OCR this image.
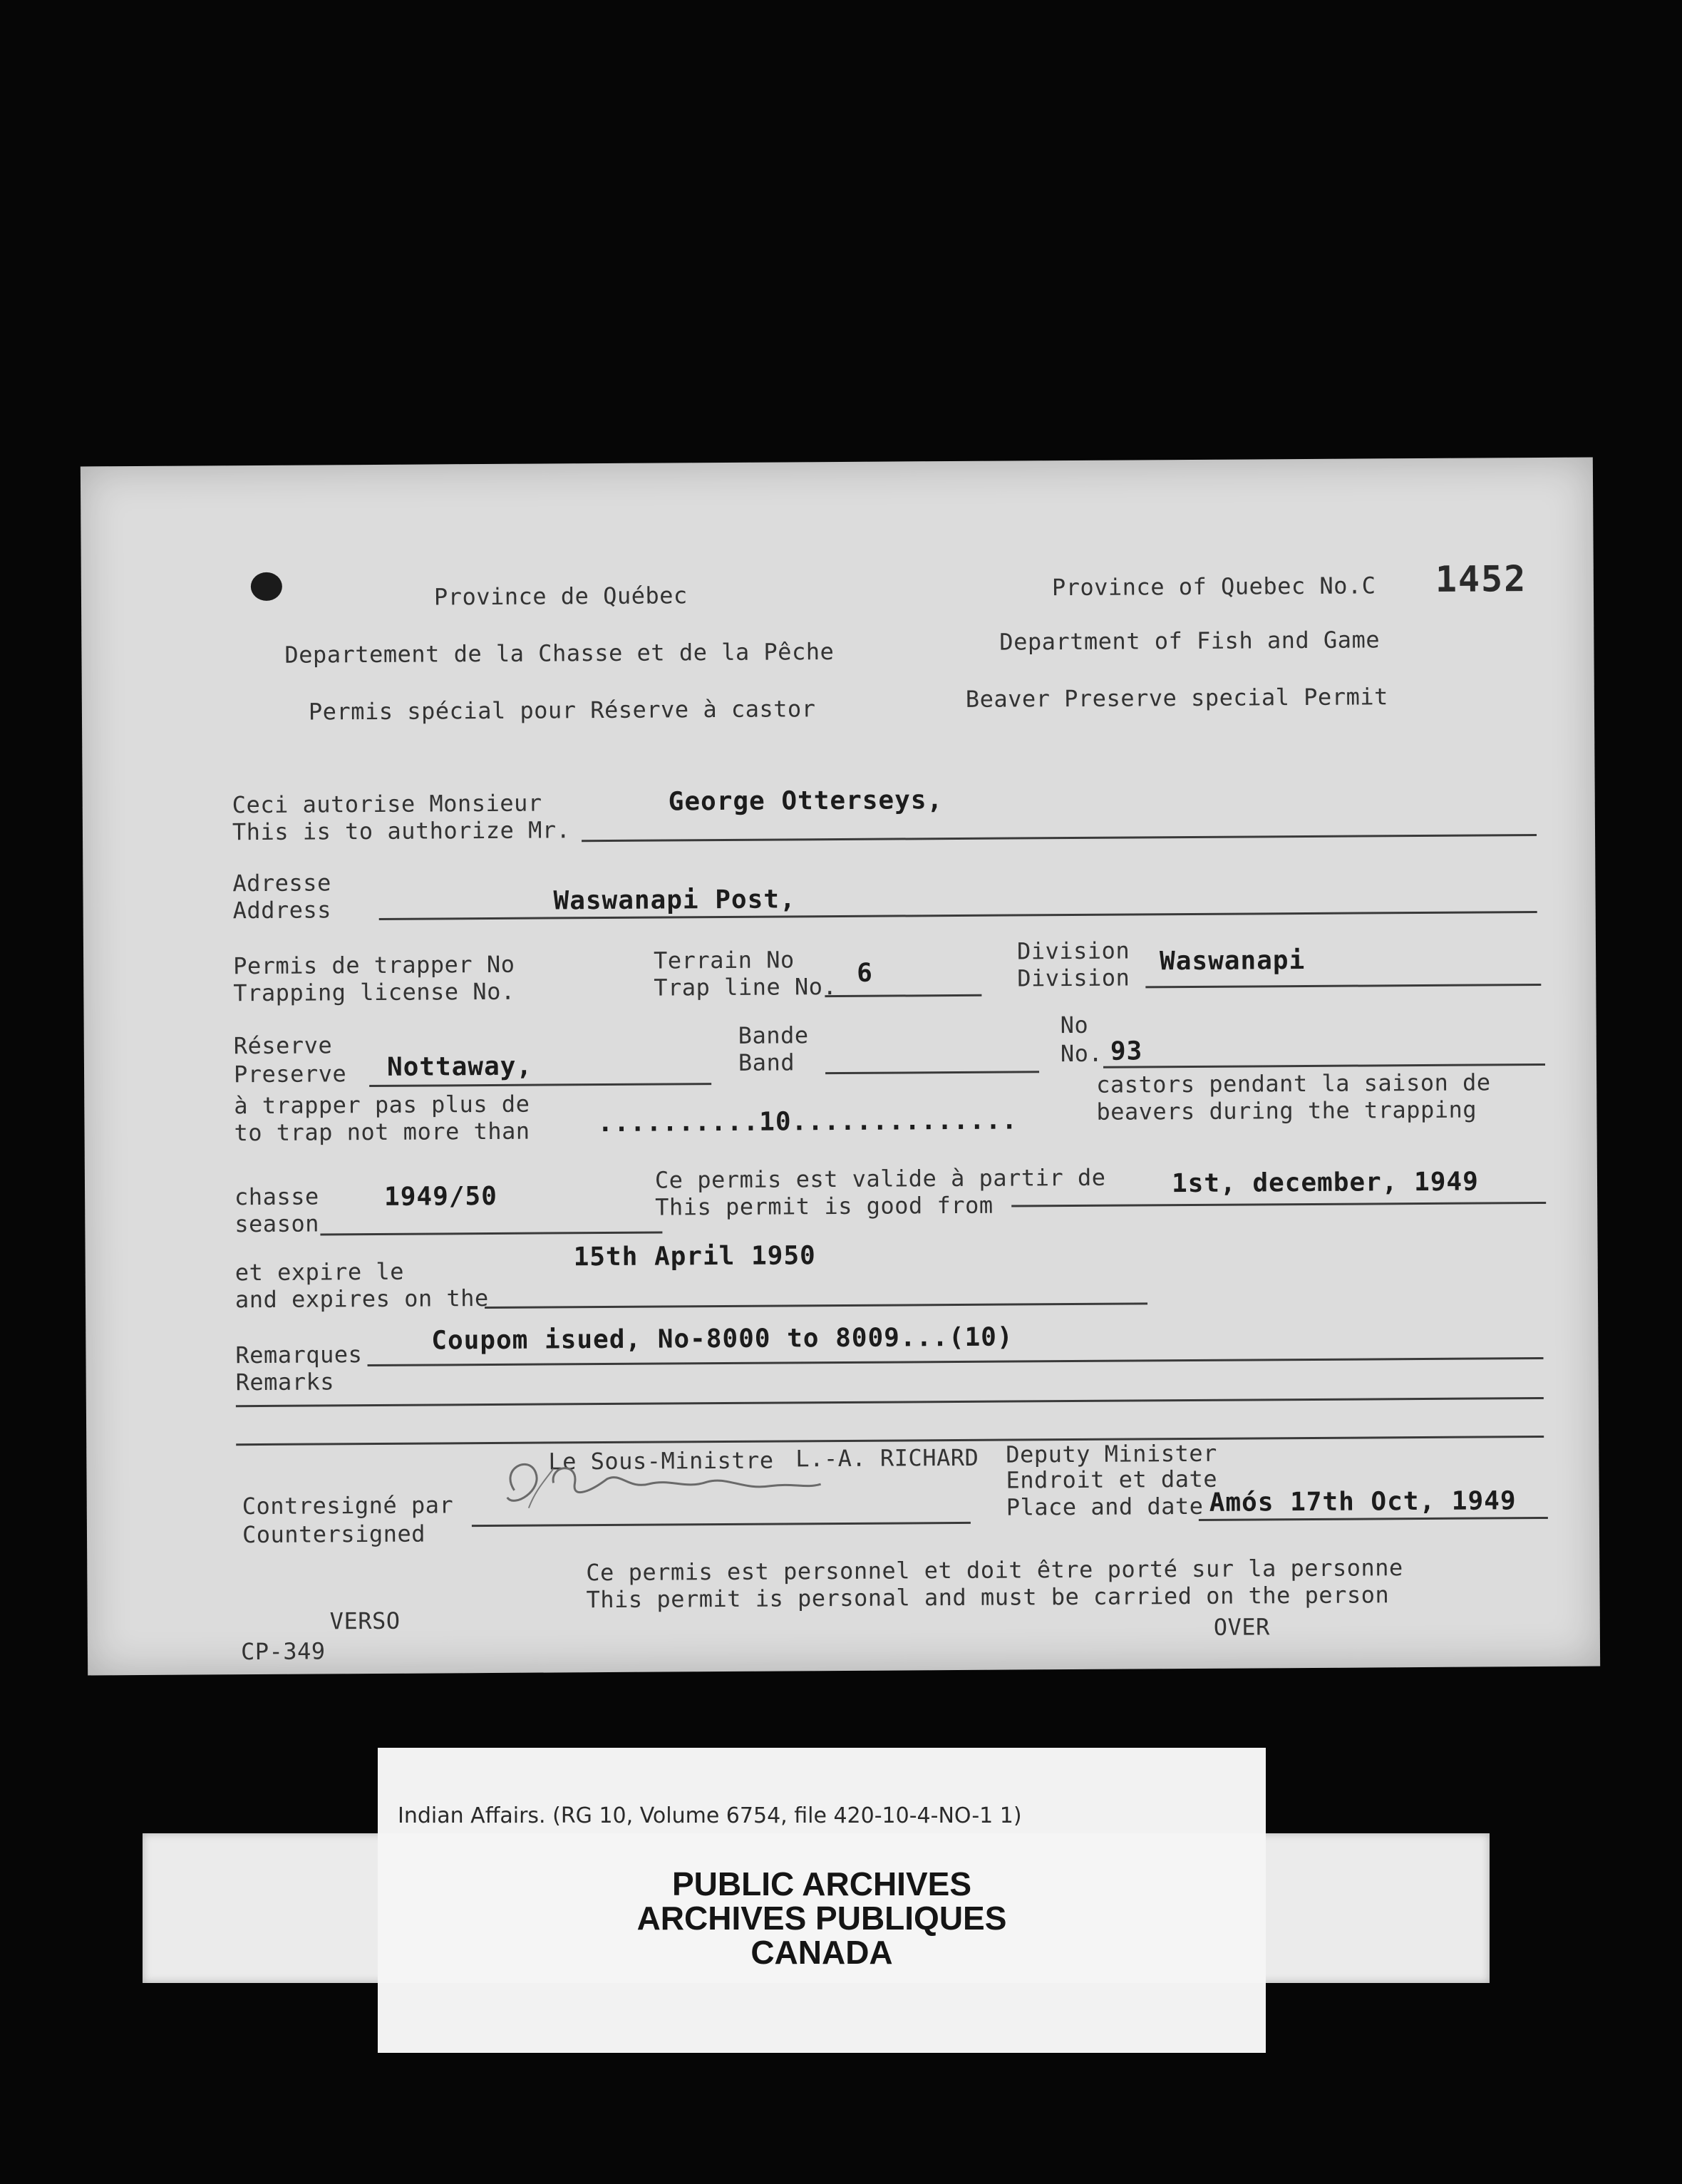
Province de Québec
Departement de la Chasse et de la Pêche
Permis spécial pour Réserve à castor
Province of Quebec No.C 1452
Department of Fish and Game
Beaver Preserve special Permit
Ceci autorise Monsieur
This is to authorize Mr.
George Otterseys,
Adresse
Address	Waswanapi Post,
Permis de trapper No
Trapping license No.
Terrain No
Trap line No. 6
Division
Division
Waswanapi
Réserve
Preserve Nottaway,
Bande
Band
No
No. 93
à trapper pas plus de
to trap not more than	..........10..............
castors pendant la saison de
beavers during the trapping
chasse
season
1949/50
Ce permis est valide à partir de
This permit is good from
1st, december, 1949
et expire le
and expires on the
15th April 1950
Remarques
Remarks
Coupom isued, No-8000 to 8009...(10)
Le Sous-Ministre L.-A. RICHARD Deputy Minister
Endroit et date
Place and date Amós 17th Oct, 1949
Contresigné par
Countersigned
Ce permis est personnel et doit être porté sur la personne
This permit is personal and must be carried on the person
OVER
VERSO
CP-349
Indian Affairs. (RG 10, Volume 6754, file 420-10-4-NO-1 1)
PUBLIC ARCHIVES
ARCHIVES PUBLIQUES
CANADA
